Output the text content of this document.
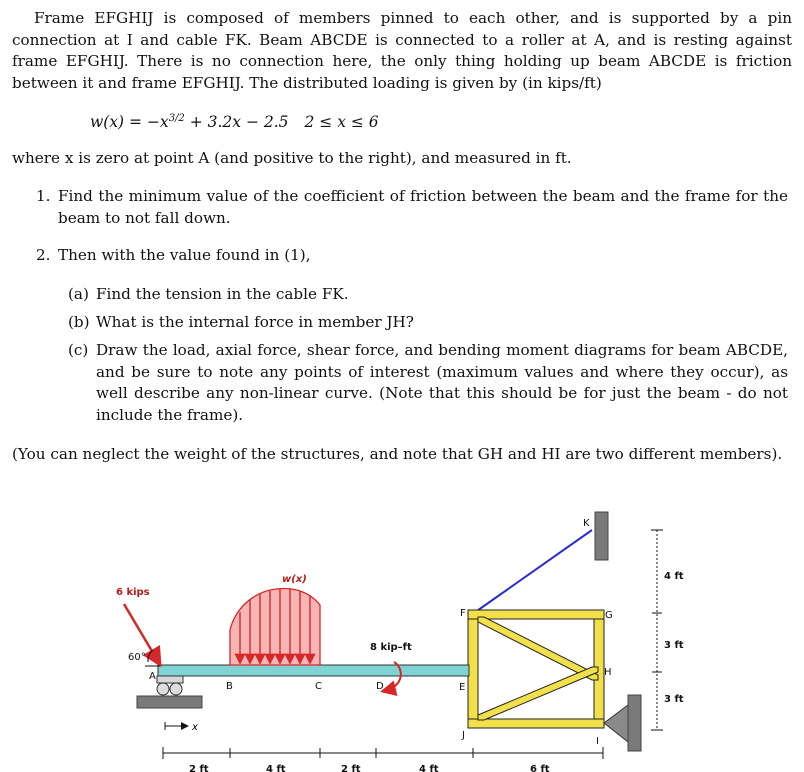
Frame EFGHIJ is composed of members pinned to each other, and is supported by a pin connection at I and cable FK. Beam ABCDE is connected to a roller at A, and is resting against frame EFGHIJ. There is no connection here, the only thing holding up beam ABCDE is friction between it and frame EFGHIJ. The distributed loading is given by (in kips/ft)
$w(x) = -x^{3/2} + 3.2x - 2.5$ 2 ≤ x ≤ 6
where x is zero at point A (and positive to the right), and measured in ft.
1. Find the minimum value of the coefficient of friction between the beam and the frame for the beam to not fall down.
2. Then with the value found in (1),
(a) Find the tension in the cable FK.
(b) What is the internal force in member JH?
(c) Draw the load, axial force, shear force, and bending moment diagrams for beam ABCDE, and be sure to note any points of interest (maximum values and where they occur), as well describe any non-linear curve. (Note that this should be for just the beam - do not include the frame).
(You can neglect the weight of the structures, and note that GH and HI are two different members).
6 kips
60°
w(x)
8 kip–ft
A
B	C	D	E
F	G
H
I
J
K
x
2 ft	4 ft	2 ft	4 ft	6 ft
4 ft
3 ft
3 ft
